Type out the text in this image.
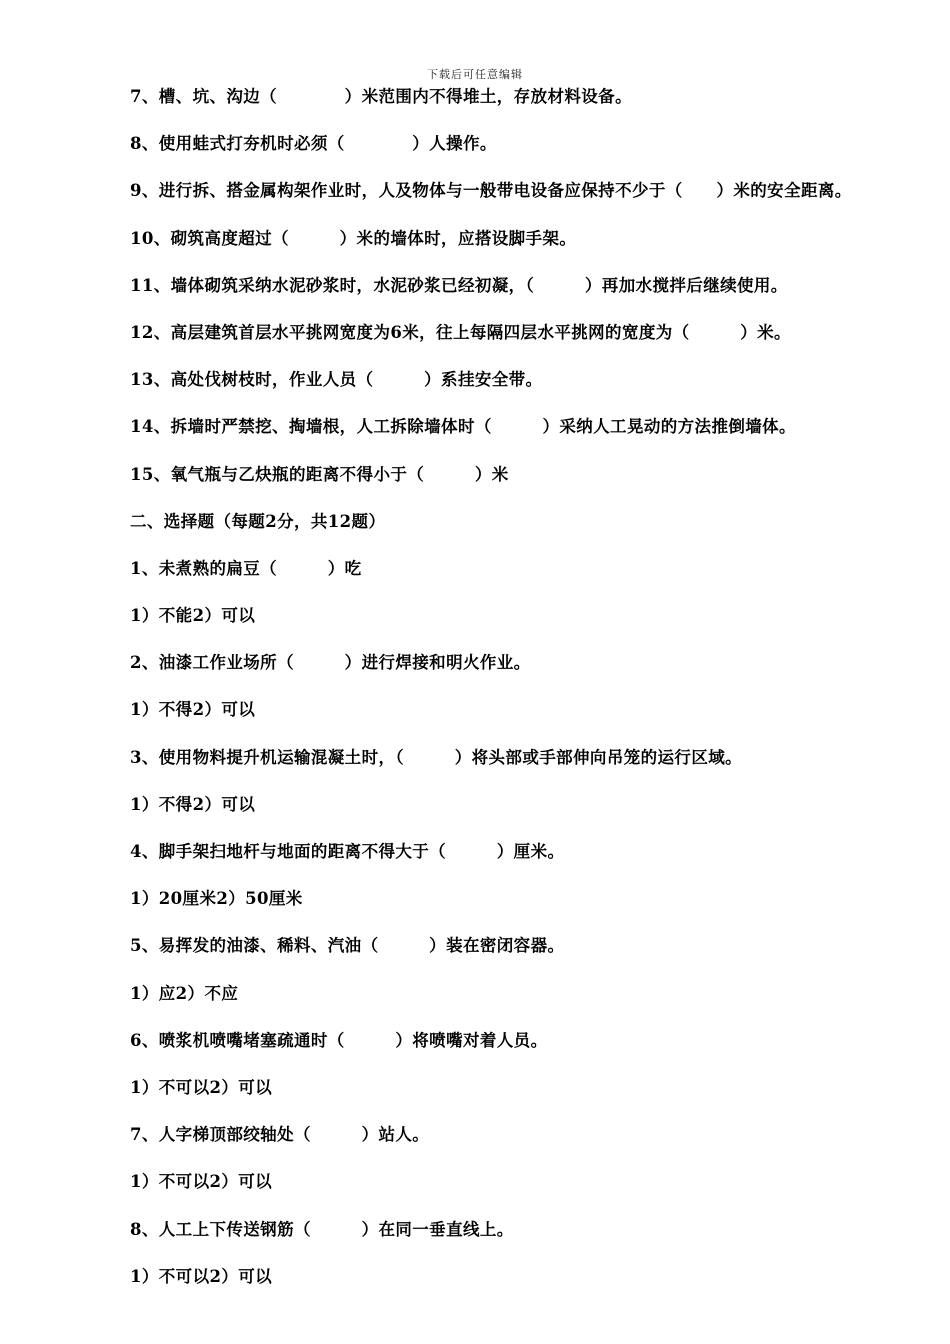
下载后可任意编辑
7、槽、坑、沟边（　　　　）米范围内不得堆土，存放材料设备。
8、使用蛙式打夯机时必须（　　　　）人操作。
9、进行拆、搭金属构架作业时，人及物体与一般带电设备应保持不少于（　　）米的安全距离。
10、砌筑高度超过（　　　）米的墙体时，应搭设脚手架。
11、墙体砌筑采纳水泥砂浆时，水泥砂浆已经初凝，（　　　）再加水搅拌后继续使用。
12、高层建筑首层水平挑网宽度为6米，往上每隔四层水平挑网的宽度为（　　　）米。
13、高处伐树枝时，作业人员（　　　）系挂安全带。
14、拆墙时严禁挖、掏墙根，人工拆除墙体时（　　　）采纳人工晃动的方法推倒墙体。
15、氧气瓶与乙炔瓶的距离不得小于（　　　）米
二、选择题（每题2分，共12题）
1、未煮熟的扁豆（　　　）吃
1）不能2）可以
2、油漆工作业场所（　　　）进行焊接和明火作业。
1）不得2）可以
3、使用物料提升机运输混凝土时，（　　　）将头部或手部伸向吊笼的运行区域。
1）不得2）可以
4、脚手架扫地杆与地面的距离不得大于（　　　）厘米。
1）20厘米2）50厘米
5、易挥发的油漆、稀料、汽油（　　　）装在密闭容器。
1）应2）不应
6、喷浆机喷嘴堵塞疏通时（　　　）将喷嘴对着人员。
1）不可以2）可以
7、人字梯顶部绞轴处（　　　）站人。
1）不可以2）可以
8、人工上下传送钢筋（　　　）在同一垂直线上。
1）不可以2）可以
